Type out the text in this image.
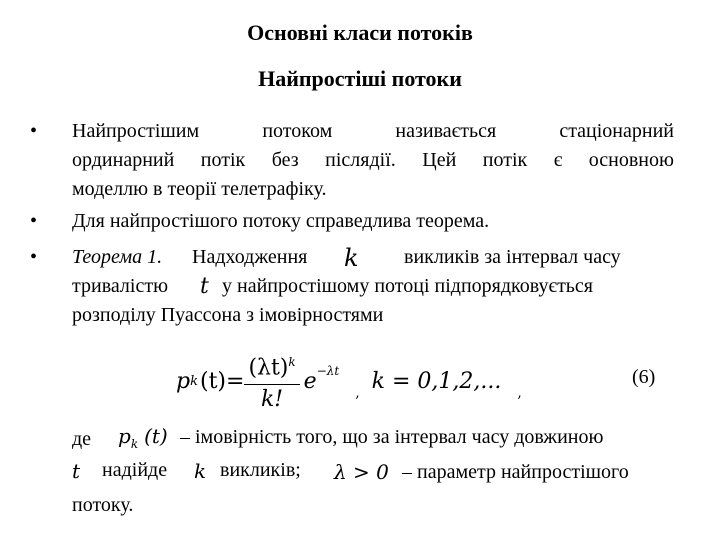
Основні класи потоків
Найпростіші потоки
• Найпростішим	потоком	називається	стаціонарний
ординарний потік без післядії. Цей потік є основною
моделлю в теорії телетрафіку.
• Для найпростішого потоку справедлива теорема.
• Теорема 1. Надходження k викликів за інтервал часу
тривалістю t у найпростішому потоці підпорядковується
розподілу Пуассона з імовірностями
p k $(t)= \frac{(\lambda t)^k}{k!} e^{-\lambda t}$
, k = 0,1,2,... ,
(6)
де $p_k$ (t) – імовірність того, що за інтервал часу довжиною
t надійде k викликів; λ > 0 – параметр найпростішого
потоку.
